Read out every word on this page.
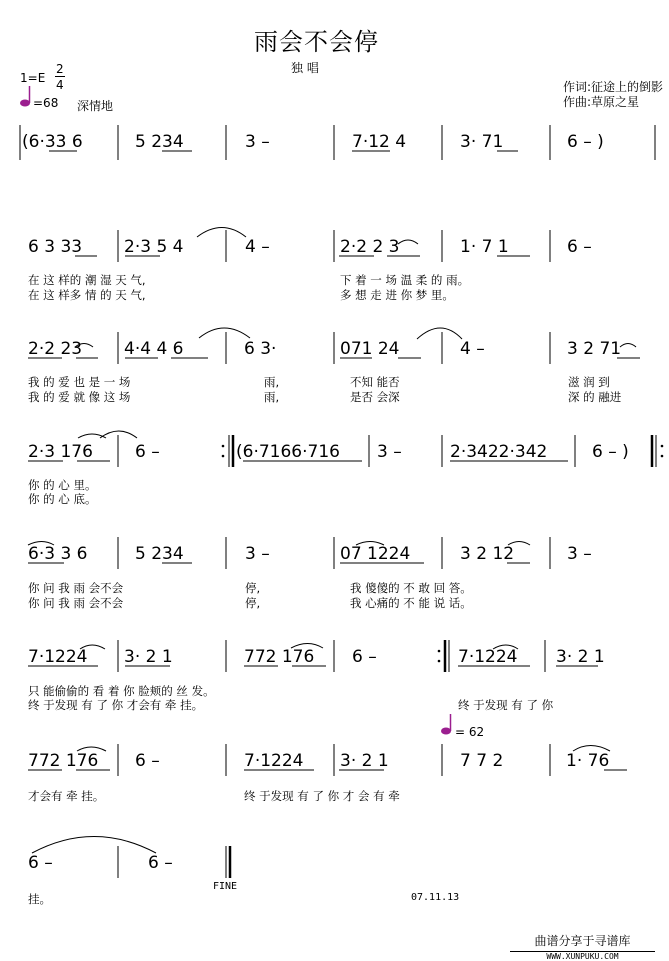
雨会不会停
独 唱
1=E
2
4
=68 深情地
作词:征途上的倒影
作曲:草原之星
(6·33 6	5 234	3 –	7·12 4	3· 71	6 – )
6 3 33 2·3 5 4	4 –	2·2 2 3	1· 7 1	6 –
在 这 样的 潮 湿 天 气,	下 着 一 场 温 柔 的 雨。
在 这 样多 情 的 天 气,	多 想 走 进 你 梦 里。
2·2 23 4·4 4 6	6 3·	071 24	4 –	3 2 71
我 的 爱 也 是 一 场	雨,	不知 能否	滋 润 到
我 的 爱 就 像 这 场	雨,	是否 会深	深 的 融进
2·3 176 6 –	(6·7166·716 3 –	2·3422·342	6 – )
你 的 心 里。
你 的 心 底。
6·3 3 6	5 234	3 –	07 1224	3 2 12	3 –
你 问 我 雨 会不会	停,	我 傻傻的 不 敢 回 答。
你 问 我 雨 会不会	停,	我 心痛的 不 能 说 话。
7·1224 3· 2 1	772 176 6 –	7·1224 3· 2 1
只 能偷偷的 看 着 你 脸颊的 丝 发。
终 于发现 有 了 你 才会有 牵 挂。	终 于发现 有 了 你
= 62
772 176 6 –	7·1224 3· 2 1	7 7 2	1· 76
才会有 牵 挂。	终 于发现 有 了 你 才 会 有 牵
6 –	6 –
挂。
FINE
07.11.13
曲谱分享于寻谱库
WWW.XUNPUKU.COM
